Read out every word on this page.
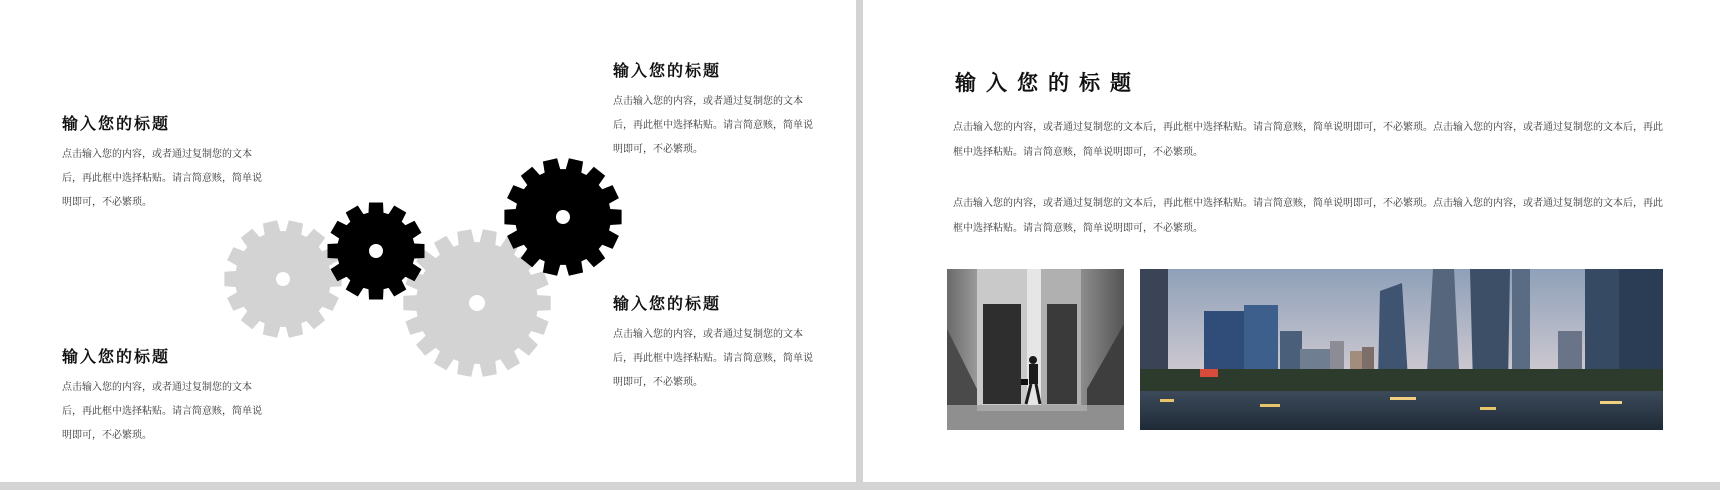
输入您的标题

点击输入您的内容，或者通过复制您的文本后，再此框中选择粘贴。请言简意赅，简单说明即可，不必繁琐。

输入您的标题

点击输入您的内容，或者通过复制您的文本后，再此框中选择粘贴。请言简意赅，简单说明即可，不必繁琐。

输入您的标题

点击输入您的内容，或者通过复制您的文本后，再此框中选择粘贴。请言简意赅，简单说明即可，不必繁琐。

输入您的标题

点击输入您的内容，或者通过复制您的文本后，再此框中选择粘贴。请言简意赅，简单说明即可，不必繁琐。

输入您的标题

点击输入您的内容，或者通过复制您的文本后，再此框中选择粘贴。请言简意赅，简单说明即可，不必繁琐。点击输入您的内容，或者通过复制您的文本后，再此框中选择粘贴。请言简意赅，简单说明即可，不必繁琐。

点击输入您的内容，或者通过复制您的文本后，再此框中选择粘贴。请言简意赅，简单说明即可，不必繁琐。点击输入您的内容，或者通过复制您的文本后，再此框中选择粘贴。请言简意赅，简单说明即可，不必繁琐。
